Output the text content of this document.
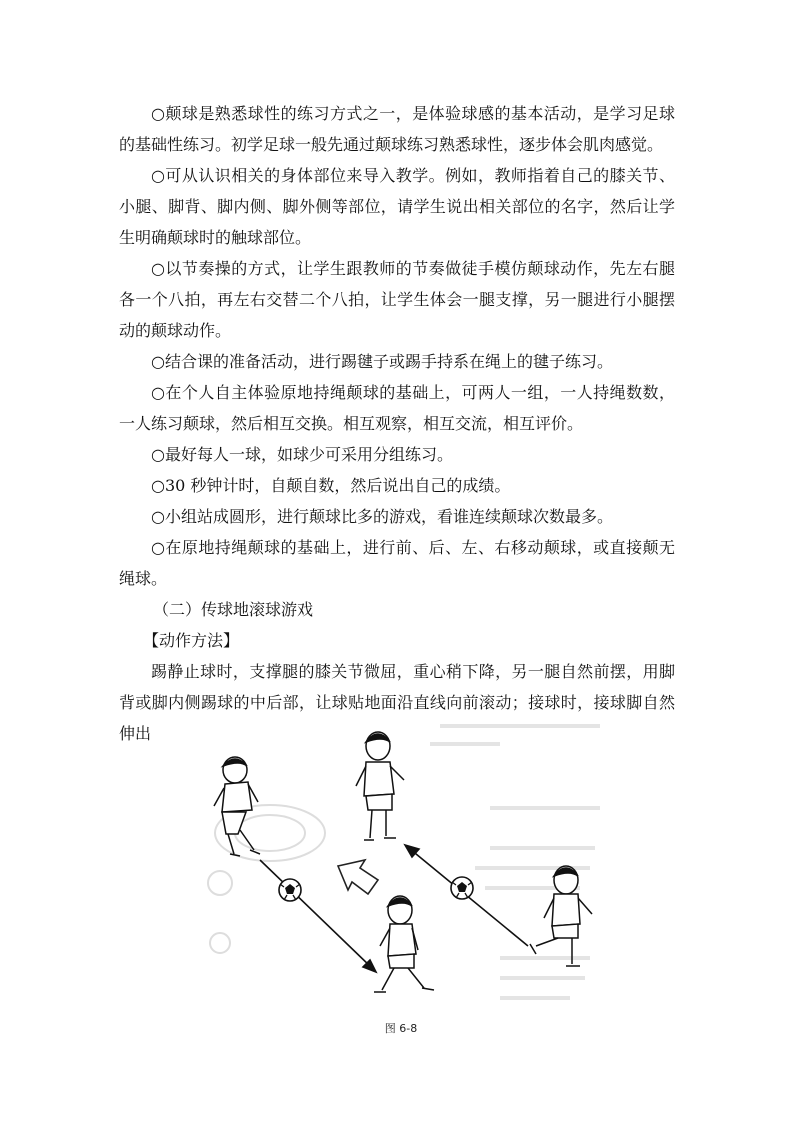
○颠球是熟悉球性的练习方式之一，是体验球感的基本活动，是学习足球的基础性练习。初学足球一般先通过颠球练习熟悉球性，逐步体会肌肉感觉。

○可从认识相关的身体部位来导入教学。例如，教师指着自己的膝关节、小腿、脚背、脚内侧、脚外侧等部位，请学生说出相关部位的名字，然后让学生明确颠球时的触球部位。

○以节奏操的方式，让学生跟教师的节奏做徒手模仿颠球动作，先左右腿各一个八拍，再左右交替二个八拍，让学生体会一腿支撑，另一腿进行小腿摆动的颠球动作。

○结合课的准备活动，进行踢毽子或踢手持系在绳上的毽子练习。

○在个人自主体验原地持绳颠球的基础上，可两人一组，一人持绳数数，一人练习颠球，然后相互交换。相互观察，相互交流，相互评价。

○最好每人一球，如球少可采用分组练习。

○30 秒钟计时，自颠自数，然后说出自己的成绩。

○小组站成圆形，进行颠球比多的游戏，看谁连续颠球次数最多。

○在原地持绳颠球的基础上，进行前、后、左、右移动颠球，或直接颠无绳球。

（二）传球地滚球游戏

【动作方法】

踢静止球时，支撑腿的膝关节微屈，重心稍下降，另一腿自然前摆，用脚背或脚内侧踢球的中后部，让球贴地面沿直线向前滚动；接球时，接球脚自然伸出

图 6-8
